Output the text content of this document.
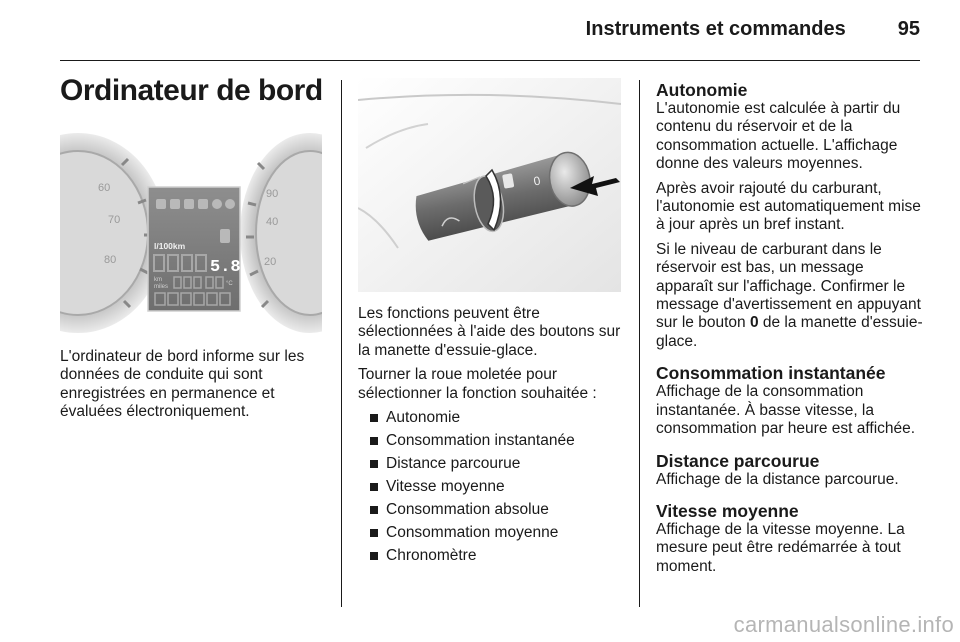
Instruments et commandes	95
Ordinateur de bord
60
70
80
90
40
20
l/100km
5.8
km
miles	°C
0

L'ordinateur de bord informe sur les données de conduite qui sont enregistrées en permanence et évaluées électroniquement.

Les fonctions peuvent être sélectionnées à l'aide des boutons sur la manette d'essuie-glace.

Tourner la roue moletée pour sélectionner la fonction souhaitée :

Autonomie
Consommation instantanée
Distance parcourue
Vitesse moyenne
Consommation absolue
Consommation moyenne
Chronomètre
Autonomie

L'autonomie est calculée à partir du contenu du réservoir et de la consommation actuelle. L'affichage donne des valeurs moyennes.

Après avoir rajouté du carburant, l'autonomie est automatiquement mise à jour après un bref instant.

Si le niveau de carburant dans le réservoir est bas, un message apparaît sur l'affichage. Confirmer le message d'avertissement en appuyant sur le bouton 0 de la manette d'essuie-glace.

Consommation instantanée

Affichage de la consommation instantanée. À basse vitesse, la consommation par heure est affichée.

Distance parcourue

Affichage de la distance parcourue.

Vitesse moyenne

Affichage de la vitesse moyenne. La mesure peut être redémarrée à tout moment.

carmanualsonline.info
